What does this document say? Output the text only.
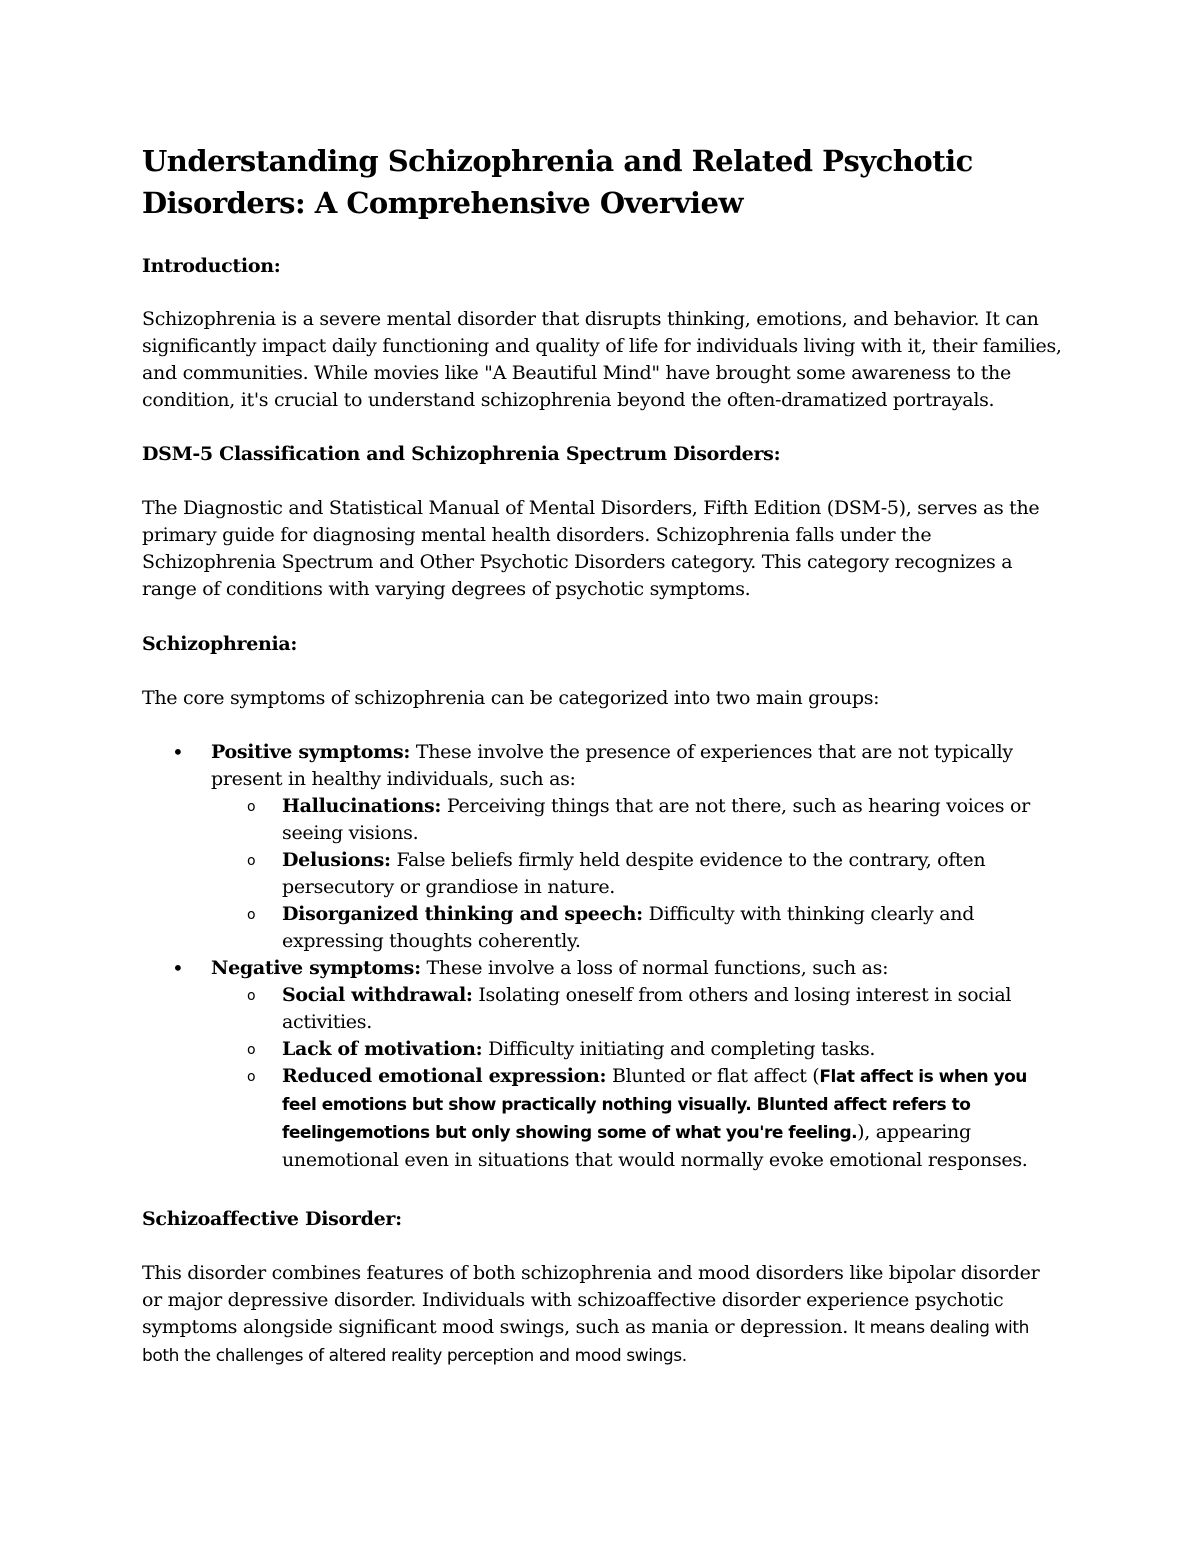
Understanding Schizophrenia and Related Psychotic Disorders: A Comprehensive Overview

Introduction:

Schizophrenia is a severe mental disorder that disrupts thinking, emotions, and behavior. It can significantly impact daily functioning and quality of life for individuals living with it, their families, and communities. While movies like "A Beautiful Mind" have brought some awareness to the condition, it's crucial to understand schizophrenia beyond the often-dramatized portrayals.

DSM-5 Classification and Schizophrenia Spectrum Disorders:

The Diagnostic and Statistical Manual of Mental Disorders, Fifth Edition (DSM-5), serves as the primary guide for diagnosing mental health disorders. Schizophrenia falls under the Schizophrenia Spectrum and Other Psychotic Disorders category. This category recognizes a range of conditions with varying degrees of psychotic symptoms.

Schizophrenia:

The core symptoms of schizophrenia can be categorized into two main groups:

• Positive symptoms: These involve the presence of experiences that are not typically present in healthy individuals, such as:
o Hallucinations: Perceiving things that are not there, such as hearing voices or seeing visions.
o Delusions: False beliefs firmly held despite evidence to the contrary, often persecutory or grandiose in nature.
o Disorganized thinking and speech: Difficulty with thinking clearly and expressing thoughts coherently.
• Negative symptoms: These involve a loss of normal functions, such as:
o Social withdrawal: Isolating oneself from others and losing interest in social activities.
o Lack of motivation: Difficulty initiating and completing tasks.
o Reduced emotional expression: Blunted or flat affect (Flat affect is when you feel emotions but show practically nothing visually. Blunted affect refers to feelingemotions but only showing some of what you're feeling.), appearing unemotional even in situations that would normally evoke emotional responses.

Schizoaffective Disorder:

This disorder combines features of both schizophrenia and mood disorders like bipolar disorder or major depressive disorder. Individuals with schizoaffective disorder experience psychotic symptoms alongside significant mood swings, such as mania or depression. It means dealing with both the challenges of altered reality perception and mood swings.
